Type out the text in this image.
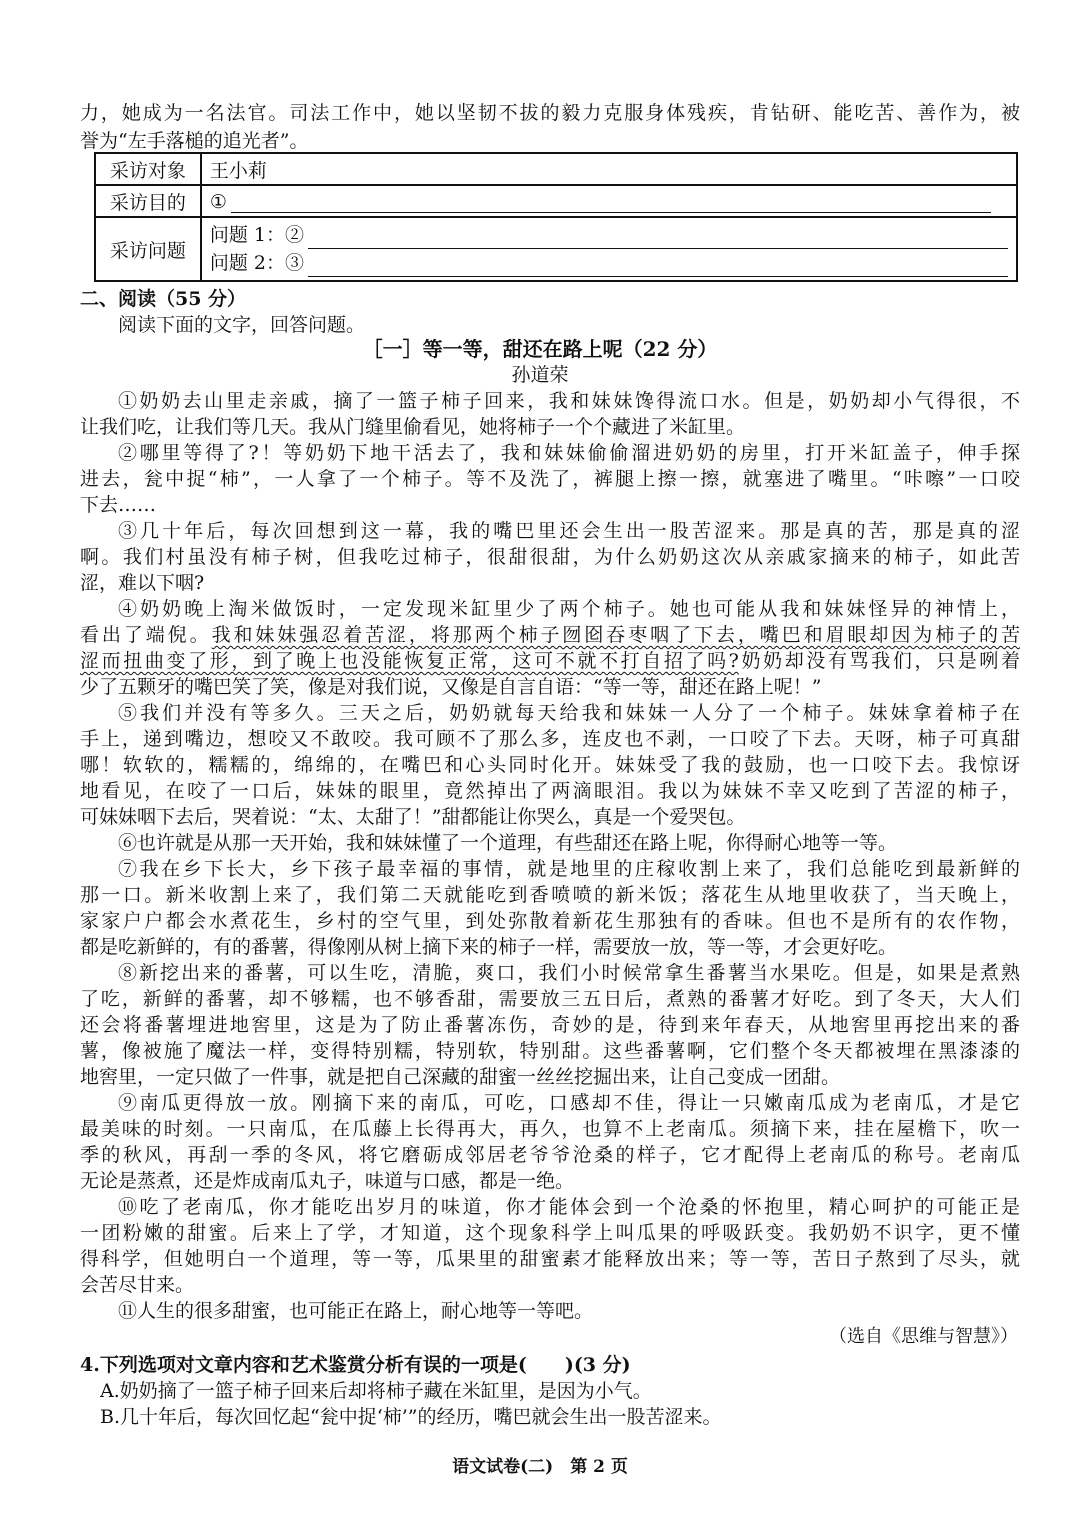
力，她成为一名法官。司法工作中，她以坚韧不拔的毅力克服身体残疾，肯钻研、能吃苦、善作为，被
誉为“左手落槌的追光者”。
采访对象	王小莉
采访目的	①
采访问题	问题 1：②
问题 2：③
二、阅读（55 分）
阅读下面的文字，回答问题。
［一］等一等，甜还在路上呢（22 分）
孙道荣
①奶奶去山里走亲戚，摘了一篮子柿子回来，我和妹妹馋得流口水。但是，奶奶却小气得很，不
让我们吃，让我们等几天。我从门缝里偷看见，她将柿子一个个藏进了米缸里。
②哪里等得了?！等奶奶下地干活去了，我和妹妹偷偷溜进奶奶的房里，打开米缸盖子，伸手探
进去，瓮中捉“柿”，一人拿了一个柿子。等不及洗了，裤腿上擦一擦，就塞进了嘴里。“咔嚓”一口咬
下去……
③几十年后，每次回想到这一幕，我的嘴巴里还会生出一股苦涩来。那是真的苦，那是真的涩
啊。我们村虽没有柿子树，但我吃过柿子，很甜很甜，为什么奶奶这次从亲戚家摘来的柿子，如此苦
涩，难以下咽?
④奶奶晚上淘米做饭时，一定发现米缸里少了两个柿子。她也可能从我和妹妹怪异的神情上，
看出了端倪。我和妹妹强忍着苦涩，将那两个柿子囫囵吞枣咽了下去，嘴巴和眉眼却因为柿子的苦
涩而扭曲变了形，到了晚上也没能恢复正常，这可不就不打自招了吗?奶奶却没有骂我们，只是咧着
少了五颗牙的嘴巴笑了笑，像是对我们说，又像是自言自语：“等一等，甜还在路上呢！”
⑤我们并没有等多久。三天之后，奶奶就每天给我和妹妹一人分了一个柿子。妹妹拿着柿子在
手上，递到嘴边，想咬又不敢咬。我可顾不了那么多，连皮也不剥，一口咬了下去。天呀，柿子可真甜
哪！软软的，糯糯的，绵绵的，在嘴巴和心头同时化开。妹妹受了我的鼓励，也一口咬下去。我惊讶
地看见，在咬了一口后，妹妹的眼里，竟然掉出了两滴眼泪。我以为妹妹不幸又吃到了苦涩的柿子，
可妹妹咽下去后，哭着说：“太、太甜了！”甜都能让你哭么，真是一个爱哭包。
⑥也许就是从那一天开始，我和妹妹懂了一个道理，有些甜还在路上呢，你得耐心地等一等。
⑦我在乡下长大，乡下孩子最幸福的事情，就是地里的庄稼收割上来了，我们总能吃到最新鲜的
那一口。新米收割上来了，我们第二天就能吃到香喷喷的新米饭；落花生从地里收获了，当天晚上，
家家户户都会水煮花生，乡村的空气里，到处弥散着新花生那独有的香味。但也不是所有的农作物，
都是吃新鲜的，有的番薯，得像刚从树上摘下来的柿子一样，需要放一放，等一等，才会更好吃。
⑧新挖出来的番薯，可以生吃，清脆，爽口，我们小时候常拿生番薯当水果吃。但是，如果是煮熟
了吃，新鲜的番薯，却不够糯，也不够香甜，需要放三五日后，煮熟的番薯才好吃。到了冬天，大人们
还会将番薯埋进地窖里，这是为了防止番薯冻伤，奇妙的是，待到来年春天，从地窖里再挖出来的番
薯，像被施了魔法一样，变得特别糯，特别软，特别甜。这些番薯啊，它们整个冬天都被埋在黑漆漆的
地窖里，一定只做了一件事，就是把自己深藏的甜蜜一丝丝挖掘出来，让自己变成一团甜。
⑨南瓜更得放一放。刚摘下来的南瓜，可吃，口感却不佳，得让一只嫩南瓜成为老南瓜，才是它
最美味的时刻。一只南瓜，在瓜藤上长得再大，再久，也算不上老南瓜。须摘下来，挂在屋檐下，吹一
季的秋风，再刮一季的冬风，将它磨砺成邻居老爷爷沧桑的样子，它才配得上老南瓜的称号。老南瓜
无论是蒸煮，还是炸成南瓜丸子，味道与口感，都是一绝。
⑩吃了老南瓜，你才能吃出岁月的味道，你才能体会到一个沧桑的怀抱里，精心呵护的可能正是
一团粉嫩的甜蜜。后来上了学，才知道，这个现象科学上叫瓜果的呼吸跃变。我奶奶不识字，更不懂
得科学，但她明白一个道理，等一等，瓜果里的甜蜜素才能释放出来；等一等，苦日子熬到了尽头，就
会苦尽甘来。
⑪人生的很多甜蜜，也可能正在路上，耐心地等一等吧。
（选自《思维与智慧》）
4.下列选项对文章内容和艺术鉴赏分析有误的一项是(　　)(3 分)
A.奶奶摘了一篮子柿子回来后却将柿子藏在米缸里，是因为小气。
B.几十年后，每次回忆起“瓮中捉‘柿’”的经历，嘴巴就会生出一股苦涩来。
语文试卷(二)　第 2 页
